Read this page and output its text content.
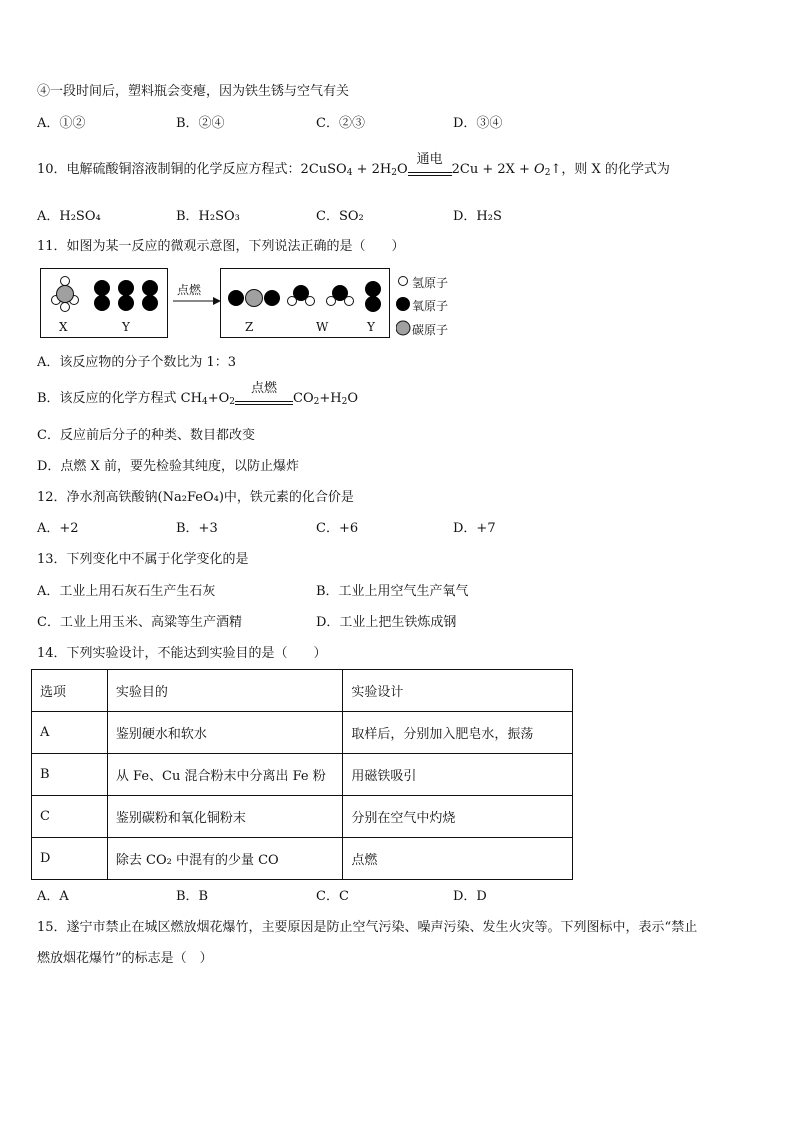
④一段时间后，塑料瓶会变瘪，因为铁生锈与空气有关
A．①②	B．②④	C．②③	D．③④
10．电解硫酸铜溶液制铜的化学反应方程式：2CuSO$_4$ + $2H_2O$
通电
$2Cu + 2X + O_2↑$，则 X 的化学式为
A．H₂SO₄	B．H₂SO₃	C．SO₂	D．H₂S
11．如图为某一反应的微观示意图，下列说法正确的是（　　）
X	Y
点燃
Z	W	Y
氢原子
氧原子
碳原子
A．该反应物的分子个数比为 1：3
B．该反应的化学方程式 $CH_4+O_2$
点燃
$CO_2+H_2O$
C．反应前后分子的种类、数目都改变
D．点燃 X 前，要先检验其纯度，以防止爆炸
12．净水剂高铁酸钠(Na₂FeO₄)中，铁元素的化合价是
A．+2	B．+3	C．+6	D．+7
13．下列变化中不属于化学变化的是
A．工业上用石灰石生产生石灰	B．工业上用空气生产氧气
C．工业上用玉米、高粱等生产酒精	D．工业上把生铁炼成钢
14．下列实验设计，不能达到实验目的是（　　）
选项	实验目的	实验设计
A	鉴别硬水和软水	取样后，分别加入肥皂水，振荡
B	从 Fe、Cu 混合粉末中分离出 Fe 粉	用磁铁吸引
C	鉴别碳粉和氧化铜粉末	分别在空气中灼烧
D	除去 CO₂ 中混有的少量 CO	点燃
A．A	B．B	C．C	D．D
15．遂宁市禁止在城区燃放烟花爆竹，主要原因是防止空气污染、噪声污染、发生火灾等。下列图标中，表示“禁止
燃放烟花爆竹”的标志是（　）
